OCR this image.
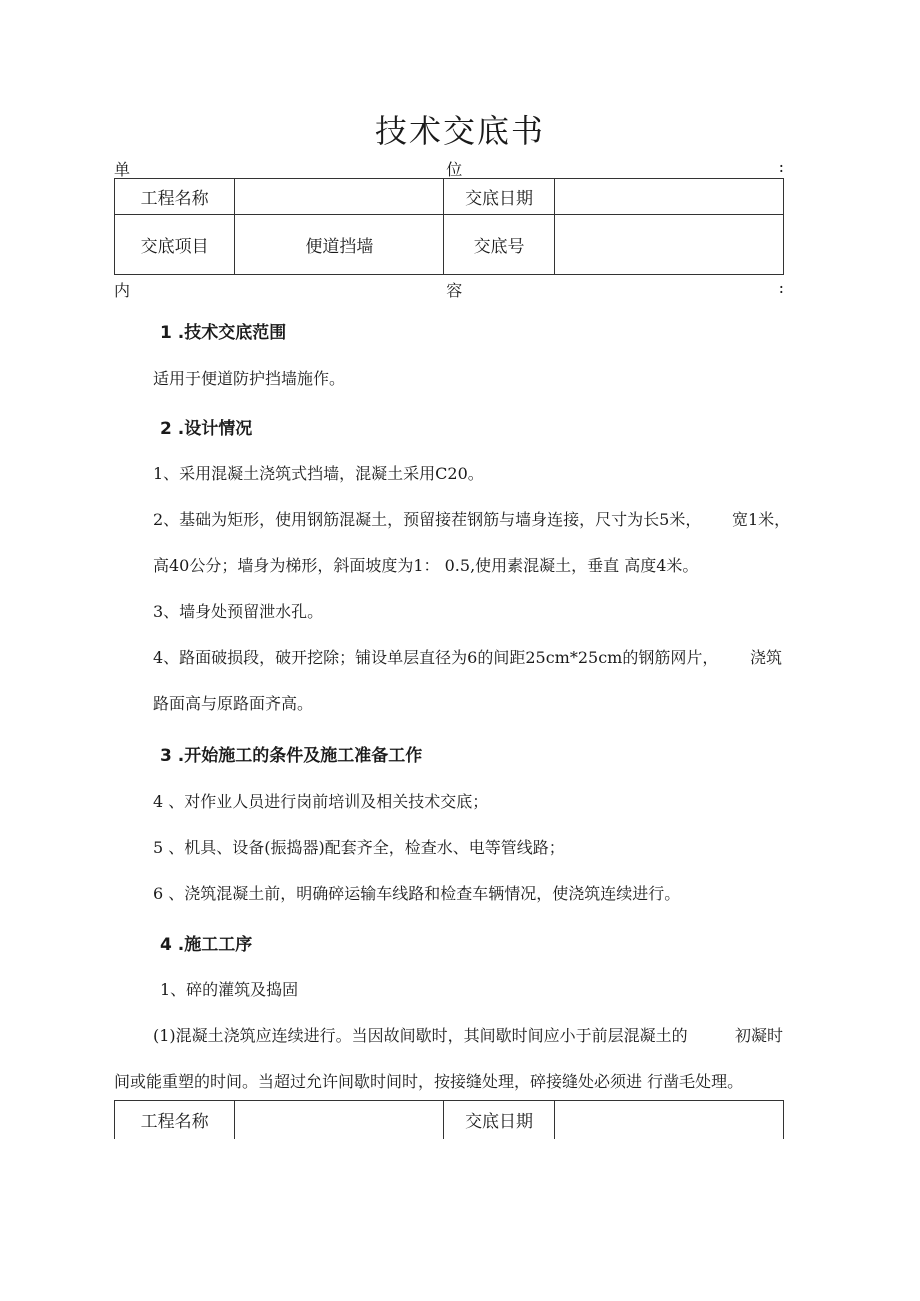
技术交底书
单	位	:
工程名称		交底日期	
交底项目	便道挡墙	交底号	
内	容	:
1 .技术交底范围
适用于便道防护挡墙施作。
2 .设计情况
1、采用混凝土浇筑式挡墙，混凝土采用C20。
2、基础为矩形，使用钢筋混凝土，预留接茬钢筋与墙身连接，尺寸为长5米， 宽1米，
高40公分；墙身为梯形，斜面坡度为1： 0.5,使用素混凝土，垂直 高度4米。
3、墙身处预留泄水孔。
4、路面破损段，破开挖除；铺设单层直径为6的间距25cm*25cm的钢筋网片， 浇筑
路面高与原路面齐高。
3 .开始施工的条件及施工准备工作
4 、对作业人员进行岗前培训及相关技术交底；
5 、机具、设备(振捣器)配套齐全，检查水、电等管线路；
6 、浇筑混凝土前，明确碎运输车线路和检查车辆情况，使浇筑连续进行。
4 .施工工序
1、碎的灌筑及捣固
(1)混凝土浇筑应连续进行。当因故间歇时，其间歇时间应小于前层混凝土的	初凝时
间或能重塑的时间。当超过允许间歇时间时，按接缝处理，碎接缝处必须进 行凿毛处理。
工程名称		交底日期	
